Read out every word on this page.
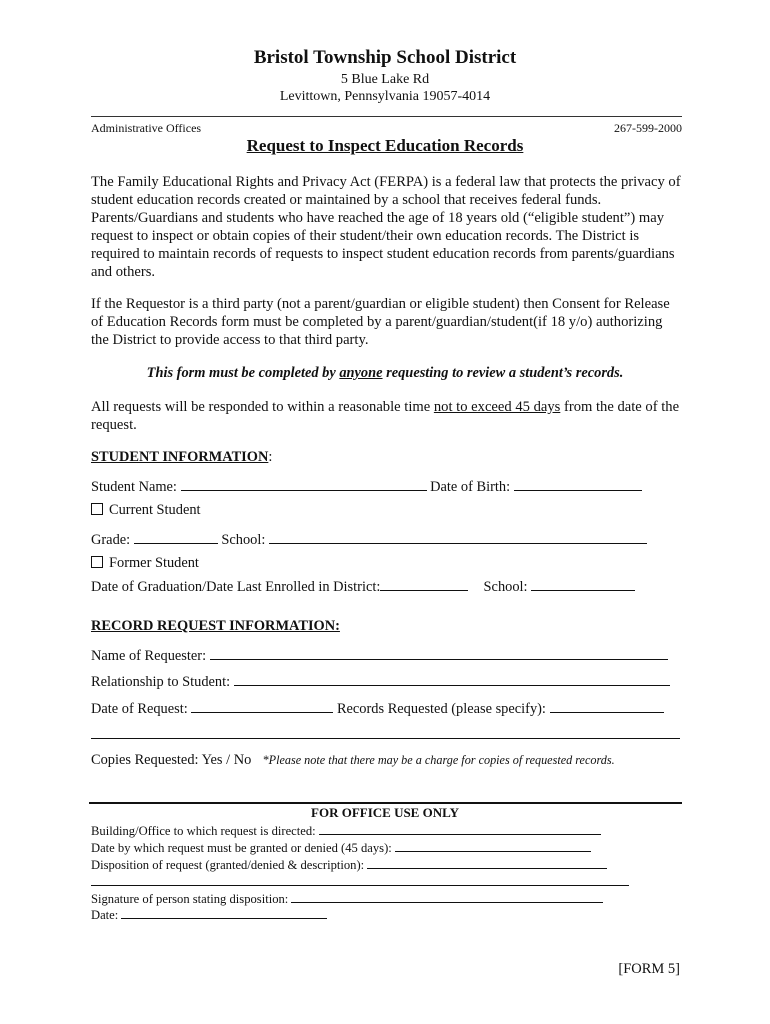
Bristol Township School District
5 Blue Lake Rd
Levittown, Pennsylvania 19057-4014
Administrative Offices	267-599-2000
Request to Inspect Education Records
The Family Educational Rights and Privacy Act (FERPA) is a federal law that protects the privacy of student education records created or maintained by a school that receives federal funds. Parents/Guardians and students who have reached the age of 18 years old (“eligible student”) may request to inspect or obtain copies of their student/their own education records. The District is required to maintain records of requests to inspect student education records from parents/guardians and others.
If the Requestor is a third party (not a parent/guardian or eligible student) then Consent for Release of Education Records form must be completed by a parent/guardian/student(if 18 y/o) authorizing the District to provide access to that third party.
This form must be completed by anyone requesting to review a student’s records.
All requests will be responded to within a reasonable time not to exceed 45 days from the date of the request.
STUDENT INFORMATION:
Student Name:	Date of Birth:
Current Student
Grade:	School:
Former Student
Date of Graduation/Date Last Enrolled in District:	School:
RECORD REQUEST INFORMATION:
Name of Requester:
Relationship to Student:
Date of Request:	Records Requested (please specify):
Copies Requested: Yes / No *Please note that there may be a charge for copies of requested records.
FOR OFFICE USE ONLY
Building/Office to which request is directed:
Date by which request must be granted or denied (45 days):
Disposition of request (granted/denied & description):
Signature of person stating disposition:
Date:
[FORM 5]
